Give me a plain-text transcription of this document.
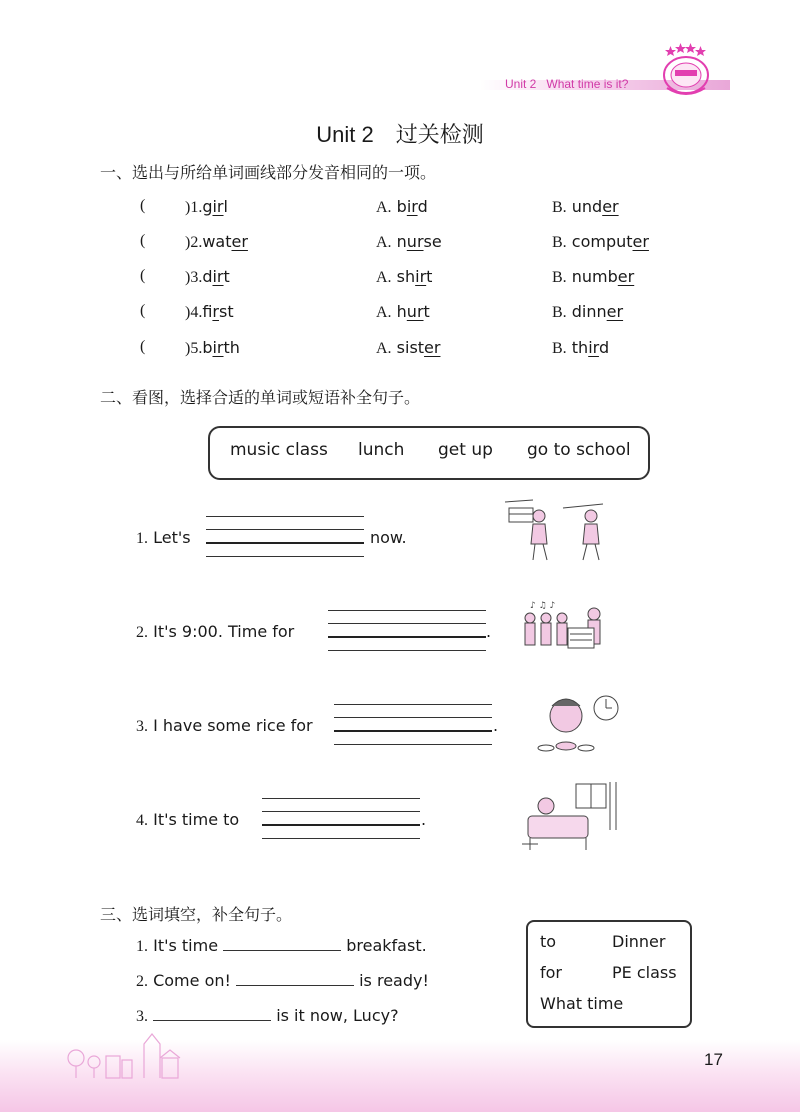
Unit 2 What time is it?
Unit 2　过关检测
一、选出与所给单词画线部分发音相同的一项。
( )1.girl	A. bird	B. under
( )2.water	A. nurse	B. computer
( )3.dirt	A. shirt	B. number
( )4.first	A. hurt	B. dinner
( )5.birth	A. sister	B. third
二、看图，选择合适的单词或短语补全句子。
music class lunch get up go to school
1. Let's	now.
2. It's 9:00. Time for	.
3. I have some rice for	.
4. It's time to	.
♪ ♫ ♪
三、选词填空，补全句子。
1. It's time	breakfast.
2. Come on!	is ready!
3.	is it now, Lucy?
to	Dinner
for	PE class
What time
17
